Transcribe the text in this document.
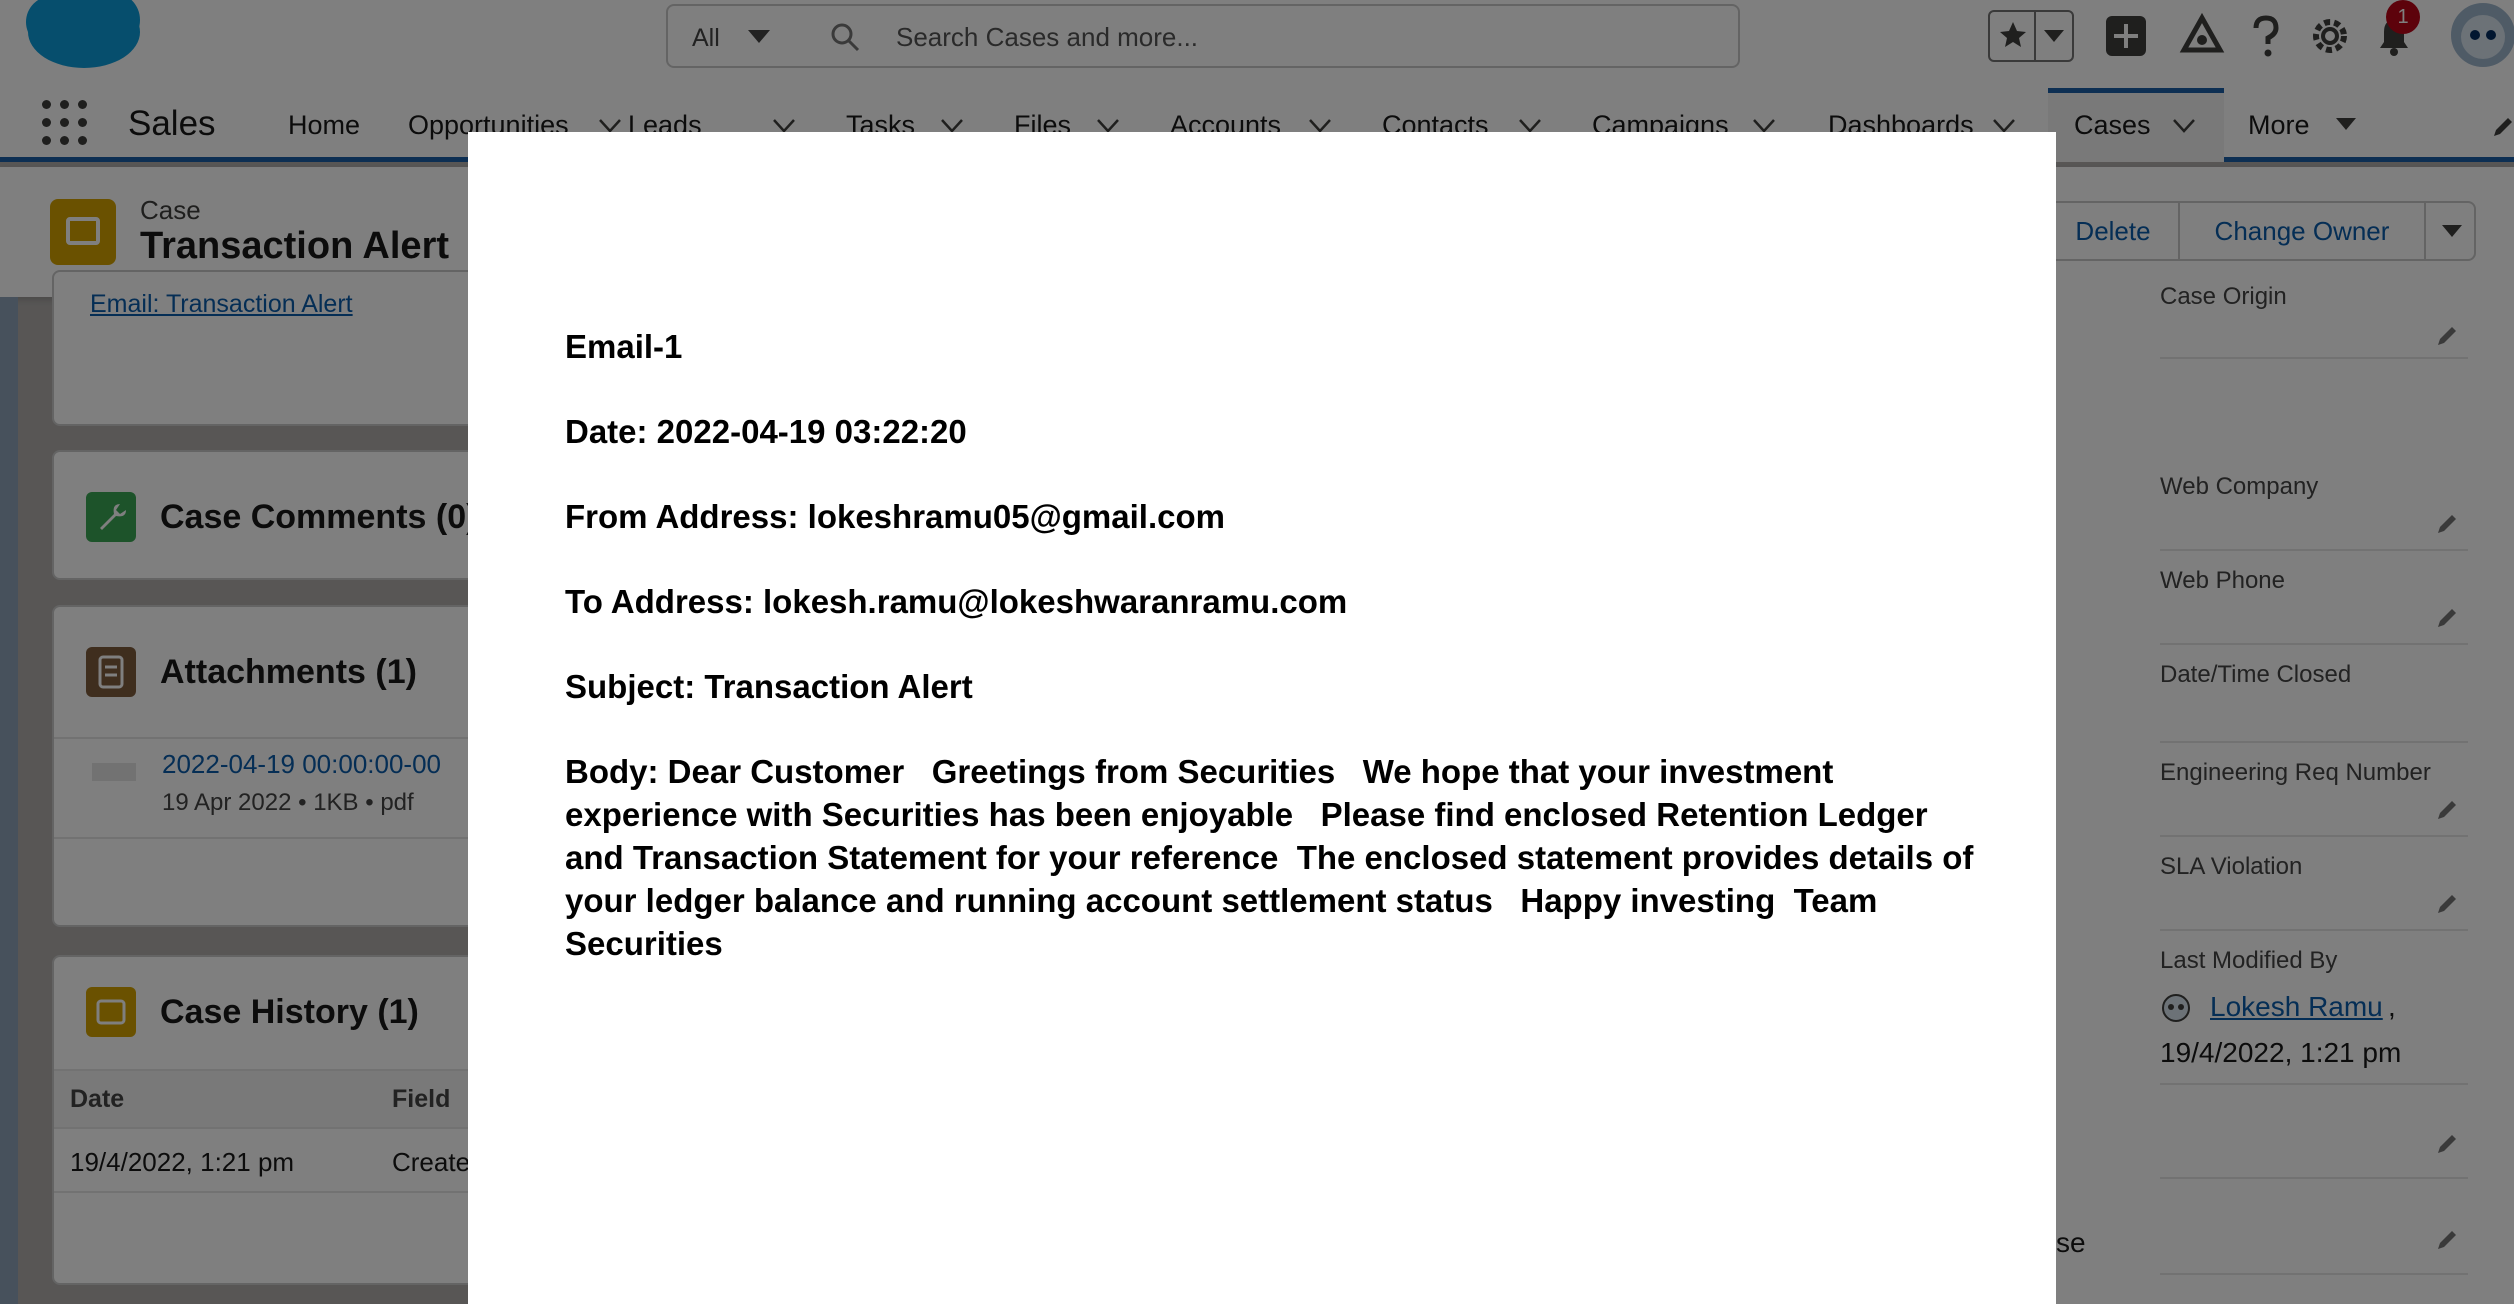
Search Cases and more...

Email-1

Date: 2022-04-19 03:22:20

From Address: lokeshramu05@gmail.com

To Address: lokesh.ramu@lokeshwaranramu.com

Subject: Transaction Alert

Body: Dear Customer   Greetings from Securities   We hope that your investment experience with Securities has been enjoyable   Please find enclosed Retention Ledger and Transaction Statement for your reference  The enclosed statement provides details of your ledger balance and running account settlement status   Happy investing  Team Securities
